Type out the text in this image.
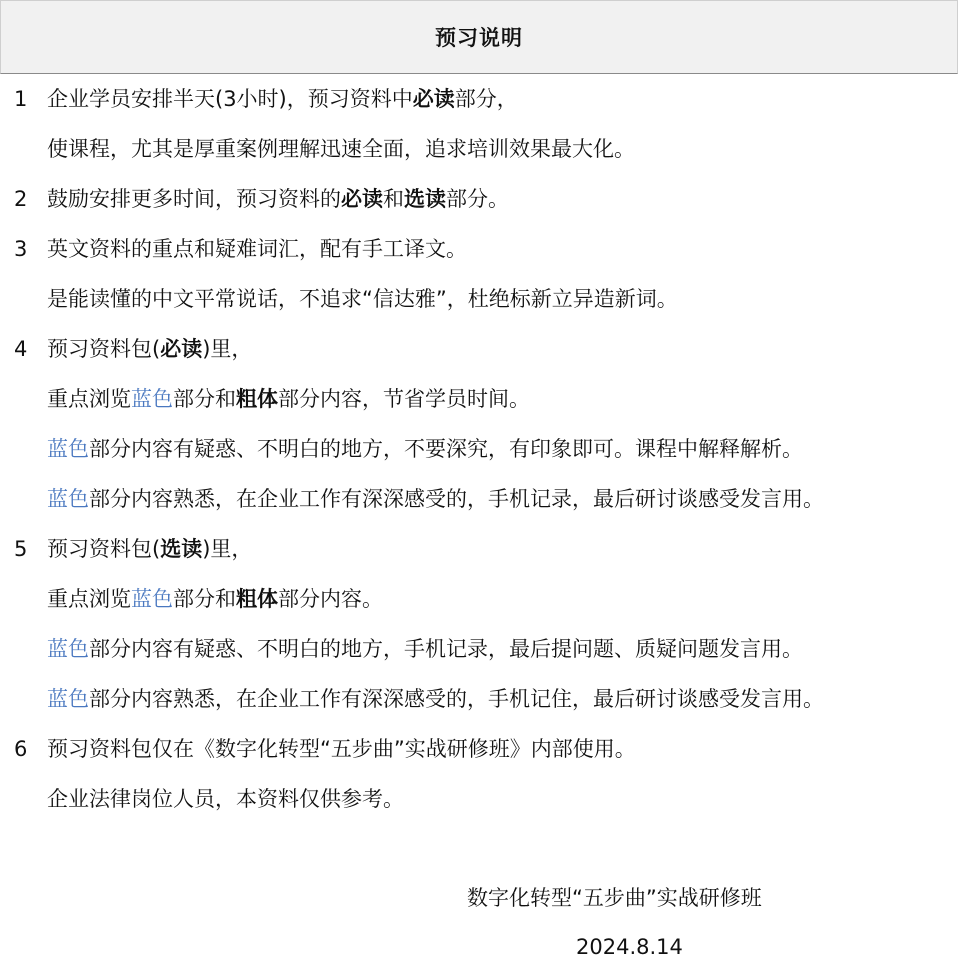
预习说明
1 企业学员安排半天(3小时)，预习资料中必读部分，
使课程，尤其是厚重案例理解迅速全面，追求培训效果最大化。
2 鼓励安排更多时间，预习资料的必读和选读部分。
3 英文资料的重点和疑难词汇，配有手工译文。
是能读懂的中文平常说话，不追求“信达雅”，杜绝标新立异造新词。
4 预习资料包(必读)里，
重点浏览蓝色部分和粗体部分内容，节省学员时间。
蓝色部分内容有疑惑、不明白的地方，不要深究，有印象即可。课程中解释解析。
蓝色部分内容熟悉，在企业工作有深深感受的，手机记录，最后研讨谈感受发言用。
5 预习资料包(选读)里，
重点浏览蓝色部分和粗体部分内容。
蓝色部分内容有疑惑、不明白的地方，手机记录，最后提问题、质疑问题发言用。
蓝色部分内容熟悉，在企业工作有深深感受的，手机记住，最后研讨谈感受发言用。
6 预习资料包仅在《数字化转型“五步曲”实战研修班》内部使用。
企业法律岗位人员，本资料仅供参考。
数字化转型“五步曲”实战研修班
2024.8.14
